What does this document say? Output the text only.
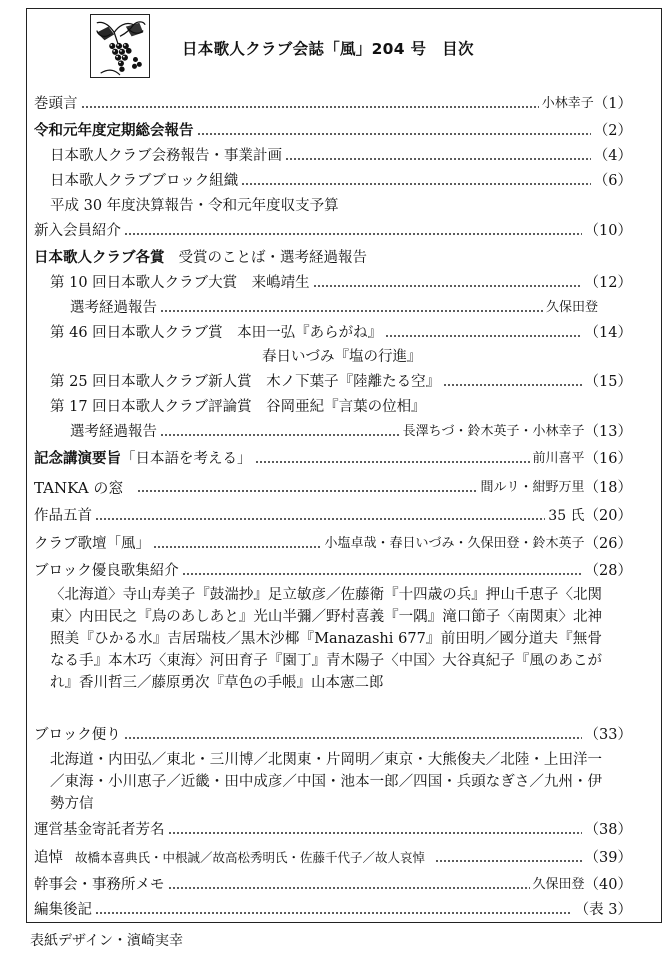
日本歌人クラブ会誌「風」204 号　目次
巻頭言	小林幸子 （1）
令和元年度定期総会報告	（2）
日本歌人クラブ会務報告・事業計画	（4）
日本歌人クラブブロック組織	（6）
平成 30 年度決算報告・令和元年度収支予算
新入会員紹介	（10）
日本歌人クラブ各賞 受賞のことば・選考経過報告
第 10 回日本歌人クラブ大賞　来嶋靖生	（12）
選考経過報告	久保田登
第 46 回日本歌人クラブ賞　本田一弘『あらがね』	（14）
春日いづみ『塩の行進』
第 25 回日本歌人クラブ新人賞　木ノ下葉子『陸離たる空』	（15）
第 17 回日本歌人クラブ評論賞　谷岡亜紀『言葉の位相』
選考経過報告	長澤ちづ・鈴木英子・小林幸子 （13）
記念講演要旨 「日本語を考える」	前川喜平 （16）
TANKA の窓	間ルリ・紺野万里 （18）
作品五首	35 氏 （20）
クラブ歌壇「風」	小塩卓哉・春日いづみ・久保田登・鈴木英子 （26）
ブロック優良歌集紹介	（28）
〈北海道〉寺山寿美子『鼓湍抄』足立敏彦／佐藤衛『十四歳の兵』押山千恵子〈北関東〉内田民之『鳥のあしあと』光山半彌／野村喜義『一隅』滝口節子〈南関東〉北神照美『ひかる水』吉居瑞枝／黒木沙椰『Manazashi 677』前田明／國分道夫『無骨なる手』本木巧〈東海〉河田育子『園丁』青木陽子〈中国〉大谷真紀子『風のあこがれ』香川哲三／藤原勇次『草色の手帳』山本憲二郎
ブロック便り	（33）
北海道・内田弘／東北・三川博／北関東・片岡明／東京・大熊俊夫／北陸・上田洋一／東海・小川恵子／近畿・田中成彦／中国・池本一郎／四国・兵頭なぎさ／九州・伊勢方信
運営基金寄託者芳名	（38）
追悼 故橋本喜典氏・中根誠／故高松秀明氏・佐藤千代子／故人哀悼	（39）
幹事会・事務所メモ	久保田登 （40）
編集後記	（表 3）
表紙デザイン・濱崎実幸
